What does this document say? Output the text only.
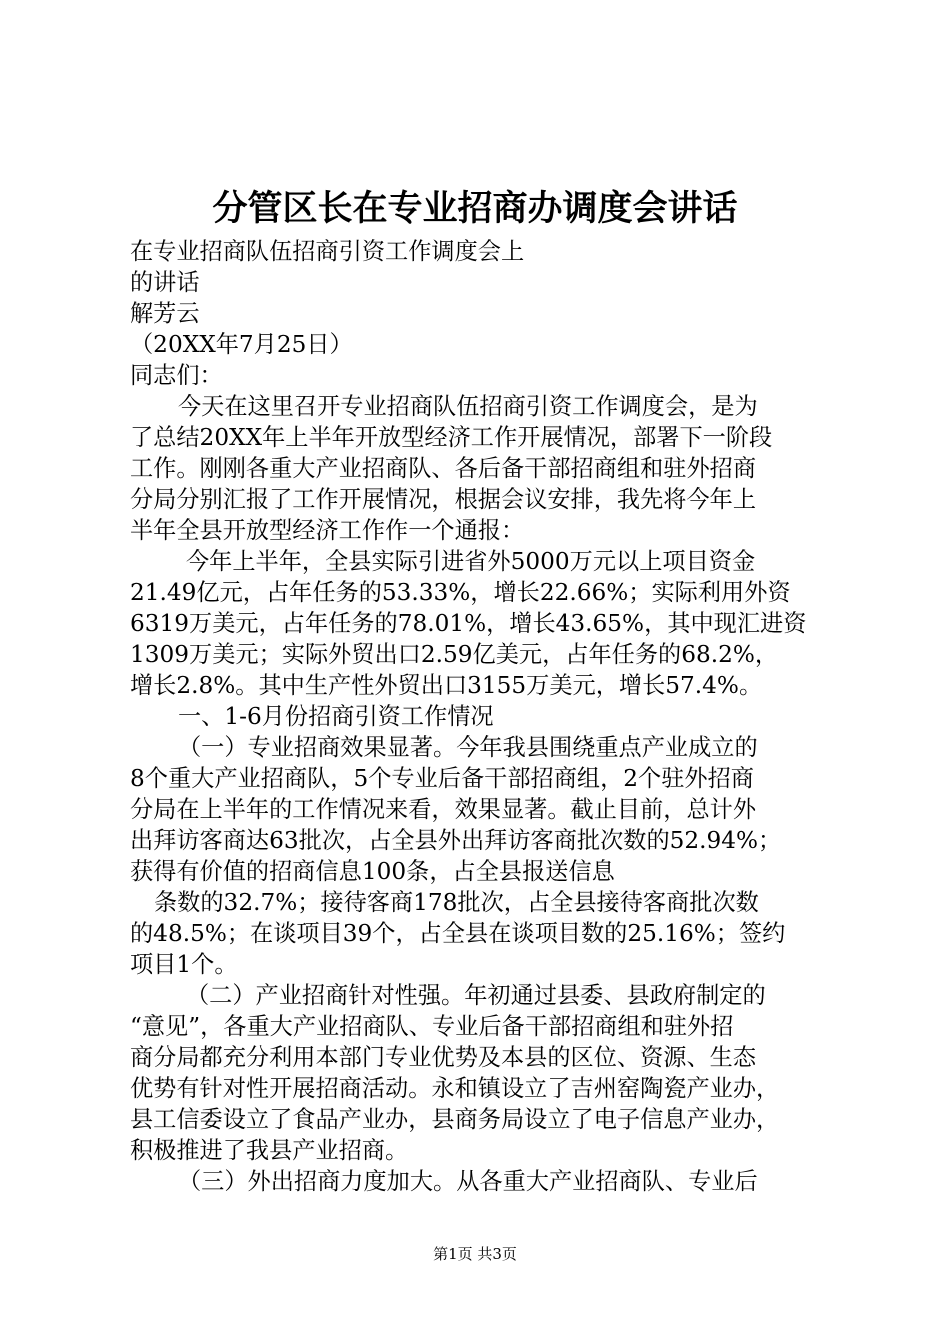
分管区长在专业招商办调度会讲话
在专业招商队伍招商引资工作调度会上
的讲话
解芳云
（20XX年7月25日）
同志们：
今天在这里召开专业招商队伍招商引资工作调度会，是为
了总结20XX年上半年开放型经济工作开展情况，部署下一阶段
工作。刚刚各重大产业招商队、各后备干部招商组和驻外招商
分局分别汇报了工作开展情况，根据会议安排，我先将今年上
半年全县开放型经济工作作一个通报：
今年上半年，全县实际引进省外5000万元以上项目资金
21.49亿元，占年任务的53.33%，增长22.66%；实际利用外资
6319万美元，占年任务的78.01%，增长43.65%，其中现汇进资
1309万美元；实际外贸出口2.59亿美元，占年任务的68.2%，
增长2.8%。其中生产性外贸出口3155万美元，增长57.4%。
一、1-6月份招商引资工作情况
（一）专业招商效果显著。今年我县围绕重点产业成立的
8个重大产业招商队，5个专业后备干部招商组，2个驻外招商
分局在上半年的工作情况来看，效果显著。截止目前，总计外
出拜访客商达63批次，占全县外出拜访客商批次数的52.94%；
获得有价值的招商信息100条，占全县报送信息
条数的32.7%；接待客商178批次，占全县接待客商批次数
的48.5%；在谈项目39个，占全县在谈项目数的25.16%；签约
项目1个。
（二）产业招商针对性强。年初通过县委、县政府制定的
“意见”，各重大产业招商队、专业后备干部招商组和驻外招
商分局都充分利用本部门专业优势及本县的区位、资源、生态
优势有针对性开展招商活动。永和镇设立了吉州窑陶瓷产业办，
县工信委设立了食品产业办，县商务局设立了电子信息产业办，
积极推进了我县产业招商。
（三）外出招商力度加大。从各重大产业招商队、专业后
第1页 共3页
